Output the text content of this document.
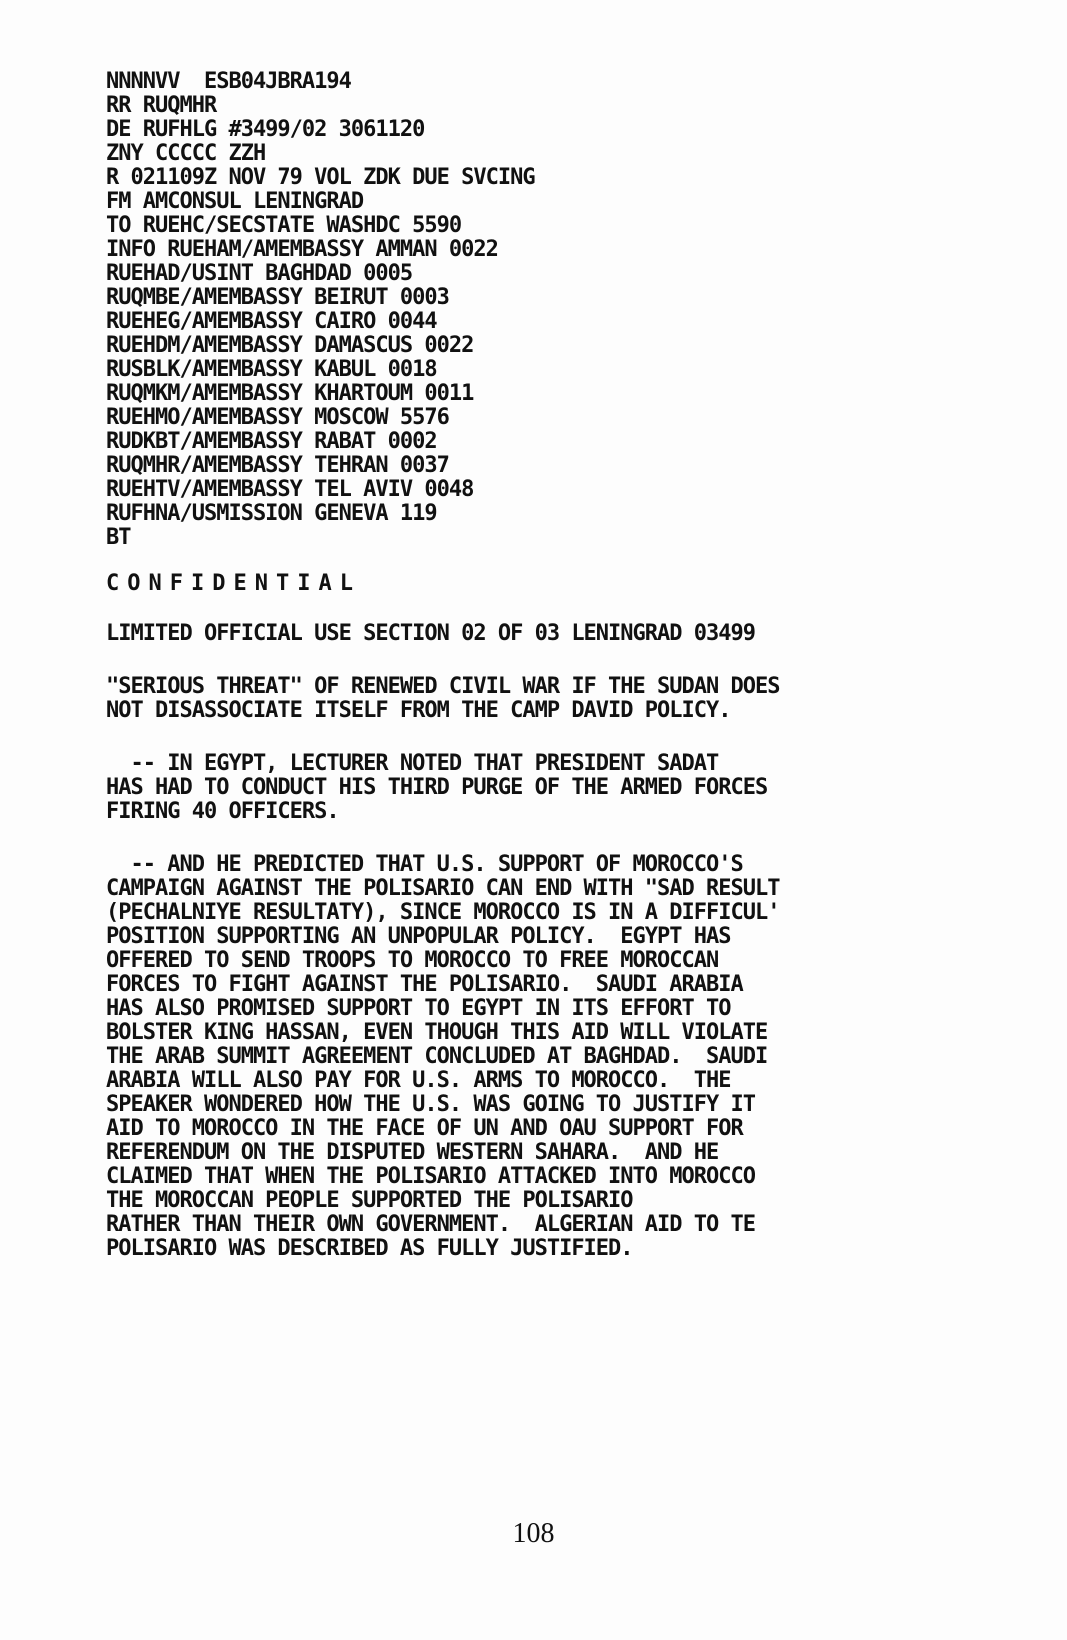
NNNNVV  ESB04JBRA194

RR RUQMHR

DE RUFHLG #3499/02 3061120

ZNY CCCCC ZZH

R 021109Z NOV 79 VOL ZDK DUE SVCING

FM AMCONSUL LENINGRAD

TO RUEHC/SECSTATE WASHDC 5590

INFO RUEHAM/AMEMBASSY AMMAN 0022

RUEHAD/USINT BAGHDAD 0005

RUQMBE/AMEMBASSY BEIRUT 0003

RUEHEG/AMEMBASSY CAIRO 0044

RUEHDM/AMEMBASSY DAMASCUS 0022

RUSBLK/AMEMBASSY KABUL 0018

RUQMKM/AMEMBASSY KHARTOUM 0011

RUEHMO/AMEMBASSY MOSCOW 5576

RUDKBT/AMEMBASSY RABAT 0002

RUQMHR/AMEMBASSY TEHRAN 0037

RUEHTV/AMEMBASSY TEL AVIV 0048

RUFHNA/USMISSION GENEVA 119

BT

CONFIDENTIAL

LIMITED OFFICIAL USE SECTION 02 OF 03 LENINGRAD 03499

"SERIOUS THREAT" OF RENEWED CIVIL WAR IF THE SUDAN DOES

NOT DISASSOCIATE ITSELF FROM THE CAMP DAVID POLICY.

-- IN EGYPT, LECTURER NOTED THAT PRESIDENT SADAT

HAS HAD TO CONDUCT HIS THIRD PURGE OF THE ARMED FORCES

FIRING 40 OFFICERS.

-- AND HE PREDICTED THAT U.S. SUPPORT OF MOROCCO'S

CAMPAIGN AGAINST THE POLISARIO CAN END WITH "SAD RESULT

(PECHALNIYE RESULTATY), SINCE MOROCCO IS IN A DIFFICUL'

POSITION SUPPORTING AN UNPOPULAR POLICY.  EGYPT HAS

OFFERED TO SEND TROOPS TO MOROCCO TO FREE MOROCCAN

FORCES TO FIGHT AGAINST THE POLISARIO.  SAUDI ARABIA

HAS ALSO PROMISED SUPPORT TO EGYPT IN ITS EFFORT TO

BOLSTER KING HASSAN, EVEN THOUGH THIS AID WILL VIOLATE

THE ARAB SUMMIT AGREEMENT CONCLUDED AT BAGHDAD.  SAUDI

ARABIA WILL ALSO PAY FOR U.S. ARMS TO MOROCCO.  THE

SPEAKER WONDERED HOW THE U.S. WAS GOING TO JUSTIFY IT

AID TO MOROCCO IN THE FACE OF UN AND OAU SUPPORT FOR

REFERENDUM ON THE DISPUTED WESTERN SAHARA.  AND HE

CLAIMED THAT WHEN THE POLISARIO ATTACKED INTO MOROCCO

THE MOROCCAN PEOPLE SUPPORTED THE POLISARIO

RATHER THAN THEIR OWN GOVERNMENT.  ALGERIAN AID TO TE

POLISARIO WAS DESCRIBED AS FULLY JUSTIFIED.

108
